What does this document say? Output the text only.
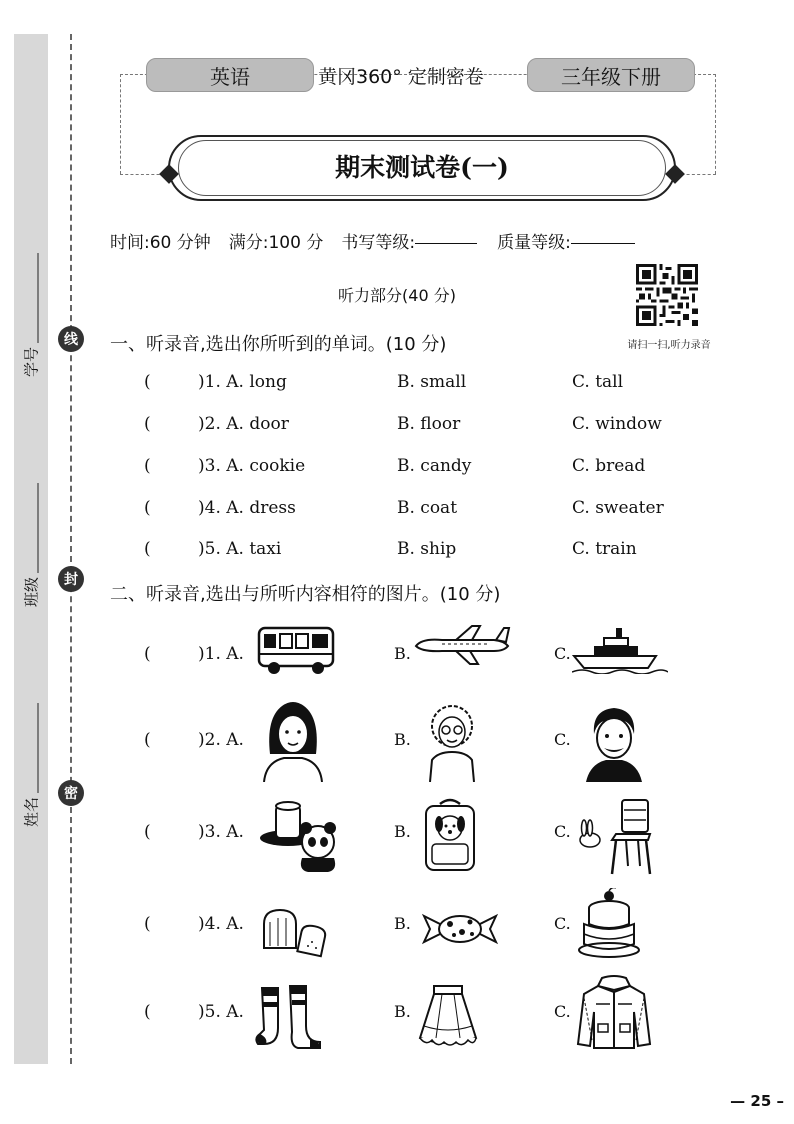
线
封
密
学号
班级
姓名
英语	黄冈360° 定制密卷	三年级下册
期末测试卷(一)
时间:60 分钟 满分:100 分 书写等级:	质量等级:
听力部分(40 分)
请扫一扫,听力录音
一、听录音,选出你所听到的单词。(10 分)
(	)1. A. long	B. small	C. tall
(	)2. A. door	B. floor	C. window
(	)3. A. cookie	B. candy	C. bread
(	)4. A. dress	B. coat	C. sweater
(	)5. A. taxi	B. ship	C. train
二、听录音,选出与所听内容相符的图片。(10 分)
(	)1. A.	B.	C.
(	)2. A.	B.	C.
(	)3. A.	B.	C.
(	)4. A.	B.	C.
(	)5. A.	B.	C.
— 25 –
